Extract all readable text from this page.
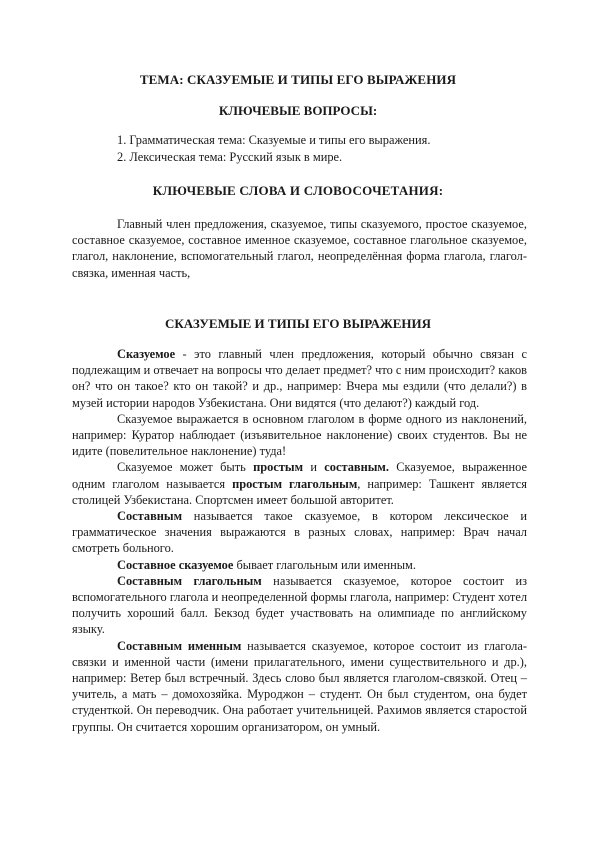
ТЕМА: СКАЗУЕМЫЕ И ТИПЫ ЕГО ВЫРАЖЕНИЯ
КЛЮЧЕВЫЕ ВОПРОСЫ:
1. Грамматическая тема: Сказуемые и типы его выражения.
2. Лексическая тема: Русский язык в мире.
КЛЮЧЕВЫЕ СЛОВА И СЛОВОСОЧЕТАНИЯ:
Главный член предложения, сказуемое, типы сказуемого, простое сказуемое, составное сказуемое, составное именное сказуемое, составное глагольное сказуемое, глагол, наклонение, вспомогательный глагол, неопределённая форма глагола, глагол-связка, именная часть,
СКАЗУЕМЫЕ И ТИПЫ ЕГО ВЫРАЖЕНИЯ

Сказуемое - это главный член предложения, который обычно связан с подлежащим и отвечает на вопросы что делает предмет? что с ним происходит? каков он? что он такое? кто он такой? и др., например: Вчера мы ездили (что делали?) в музей истории народов Узбекистана. Они видятся (что делают?) каждый год.

Сказуемое выражается в основном глаголом в форме одного из наклонений, например: Куратор наблюдает (изъявительное наклонение) своих студентов. Вы не идите (повелительное наклонение) туда!

Сказуемое может быть простым и составным. Сказуемое, выраженное одним глаголом называется простым глагольным, например: Ташкент является столицей Узбекистана. Спортсмен имеет большой авторитет.

Составным называется такое сказуемое, в котором лексическое и грамматическое значения выражаются в разных словах, например: Врач начал смотреть больного.

Составное сказуемое бывает глагольным или именным.

Составным глагольным называется сказуемое, которое состоит из вспомогательного глагола и неопределенной формы глагола, например: Студент хотел получить хороший балл. Бекзод будет участвовать на олимпиаде по английскому языку.

Составным именным называется сказуемое, которое состоит из глагола-связки и именной части (имени прилагательного, имени существительного и др.), например: Ветер был встречный. Здесь слово был является глаголом-связкой. Отец – учитель, а мать – домохозяйка. Мурoджон – студент. Он был студентом, она будет студенткой. Он переводчик. Она работает учительницей. Рахимов является старостой группы. Он считается хорошим организатором, он умный.
